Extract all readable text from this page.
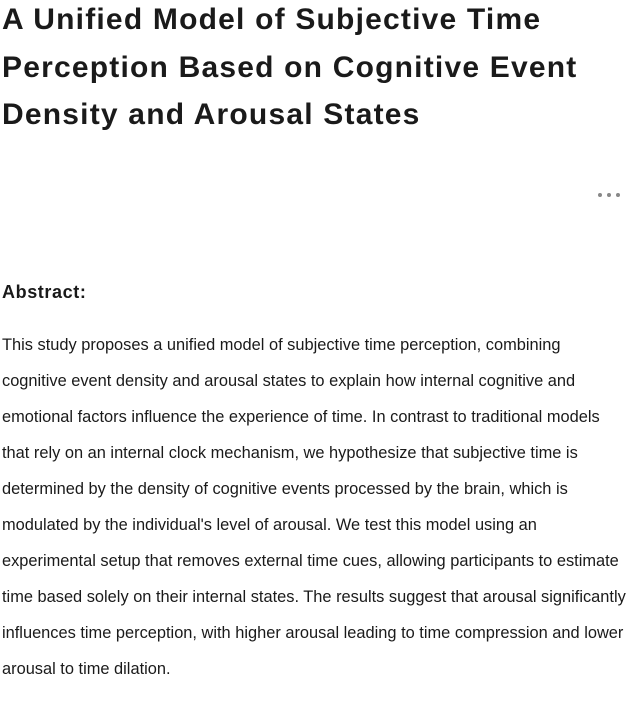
A Unified Model of Subjective Time Perception Based on Cognitive Event Density and Arousal States
Abstract:

This study proposes a unified model of subjective time perception, combining cognitive event density and arousal states to explain how internal cognitive and emotional factors influence the experience of time. In contrast to traditional models that rely on an internal clock mechanism, we hypothesize that subjective time is determined by the density of cognitive events processed by the brain, which is modulated by the individual's level of arousal. We test this model using an experimental setup that removes external time cues, allowing participants to estimate time based solely on their internal states. The results suggest that arousal significantly influences time perception, with higher arousal leading to time compression and lower arousal to time dilation.
